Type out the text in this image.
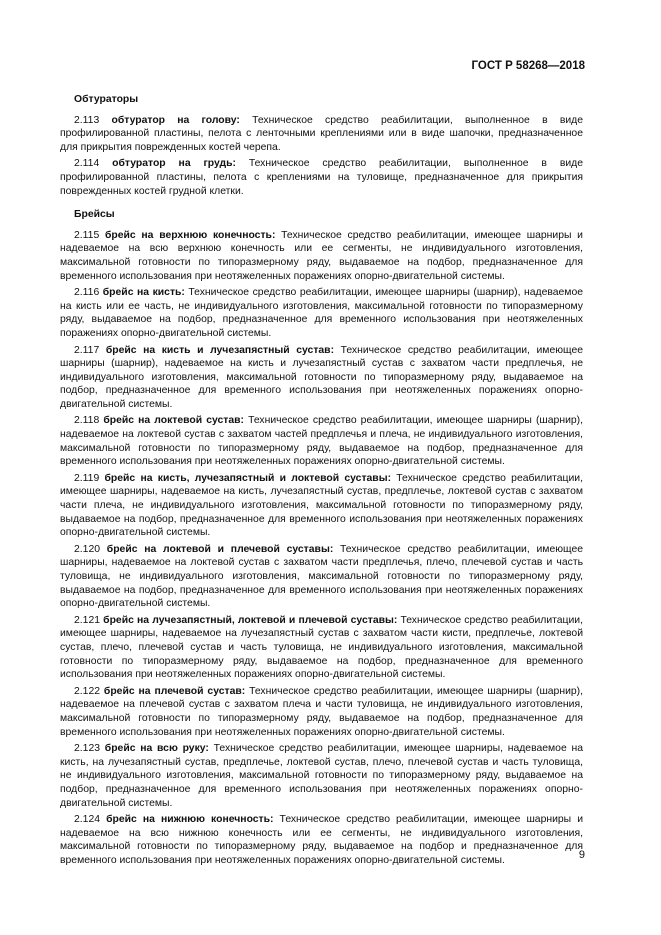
ГОСТ Р 58268—2018
Обтураторы

2.113 обтуратор на голову: Техническое средство реабилитации, выполненное в виде профилированной пластины, пелота с ленточными креплениями или в виде шапочки, предназначенное для прикрытия поврежденных костей черепа.

2.114 обтуратор на грудь: Техническое средство реабилитации, выполненное в виде профилированной пластины, пелота с креплениями на туловище, предназначенное для прикрытия поврежденных костей грудной клетки.

Брейсы

2.115 брейс на верхнюю конечность: Техническое средство реабилитации, имеющее шарниры и надеваемое на всю верхнюю конечность или ее сегменты, не индивидуального изготовления, максимальной готовности по типоразмерному ряду, выдаваемое на подбор, предназначенное для временного использования при неотяжеленных поражениях опорно-двигательной системы.

2.116 брейс на кисть: Техническое средство реабилитации, имеющее шарниры (шарнир), надеваемое на кисть или ее часть, не индивидуального изготовления, максимальной готовности по типоразмерному ряду, выдаваемое на подбор, предназначенное для временного использования при неотяжеленных поражениях опорно-двигательной системы.

2.117 брейс на кисть и лучезапястный сустав: Техническое средство реабилитации, имеющее шарниры (шарнир), надеваемое на кисть и лучезапястный сустав с захватом части предплечья, не индивидуального изготовления, максимальной готовности по типоразмерному ряду, выдаваемое на подбор, предназначенное для временного использования при неотяжеленных поражениях опорно-двигательной системы.

2.118 брейс на локтевой сустав: Техническое средство реабилитации, имеющее шарниры (шарнир), надеваемое на локтевой сустав с захватом частей предплечья и плеча, не индивидуального изготовления, максимальной готовности по типоразмерному ряду, выдаваемое на подбор, предназначенное для временного использования при неотяжеленных поражениях опорно-двигательной системы.

2.119 брейс на кисть, лучезапястный и локтевой суставы: Техническое средство реабилитации, имеющее шарниры, надеваемое на кисть, лучезапястный сустав, предплечье, локтевой сустав с захватом части плеча, не индивидуального изготовления, максимальной готовности по типоразмерному ряду, выдаваемое на подбор, предназначенное для временного использования при неотяжеленных поражениях опорно-двигательной системы.

2.120 брейс на локтевой и плечевой суставы: Техническое средство реабилитации, имеющее шарниры, надеваемое на локтевой сустав с захватом части предплечья, плечо, плечевой сустав и часть туловища, не индивидуального изготовления, максимальной готовности по типоразмерному ряду, выдаваемое на подбор, предназначенное для временного использования при неотяжеленных поражениях опорно-двигательной системы.

2.121 брейс на лучезапястный, локтевой и плечевой суставы: Техническое средство реабилитации, имеющее шарниры, надеваемое на лучезапястный сустав с захватом части кисти, предплечье, локтевой сустав, плечо, плечевой сустав и часть туловища, не индивидуального изготовления, максимальной готовности по типоразмерному ряду, выдаваемое на подбор, предназначенное для временного использования при неотяжеленных поражениях опорно-двигательной системы.

2.122 брейс на плечевой сустав: Техническое средство реабилитации, имеющее шарниры (шарнир), надеваемое на плечевой сустав с захватом плеча и части туловища, не индивидуального изготовления, максимальной готовности по типоразмерному ряду, выдаваемое на подбор, предназначенное для временного использования при неотяжеленных поражениях опорно-двигательной системы.

2.123 брейс на всю руку: Техническое средство реабилитации, имеющее шарниры, надеваемое на кисть, на лучезапястный сустав, предплечье, локтевой сустав, плечо, плечевой сустав и часть туловища, не индивидуального изготовления, максимальной готовности по типоразмерному ряду, выдаваемое на подбор, предназначенное для временного использования при неотяжеленных поражениях опорно-двигательной системы.

2.124 брейс на нижнюю конечность: Техническое средство реабилитации, имеющее шарниры и надеваемое на всю нижнюю конечность или ее сегменты, не индивидуального изготовления, максимальной готовности по типоразмерному ряду, выдаваемое на подбор и предназначенное для временного использования при неотяжеленных поражениях опорно-двигательной системы.	9
